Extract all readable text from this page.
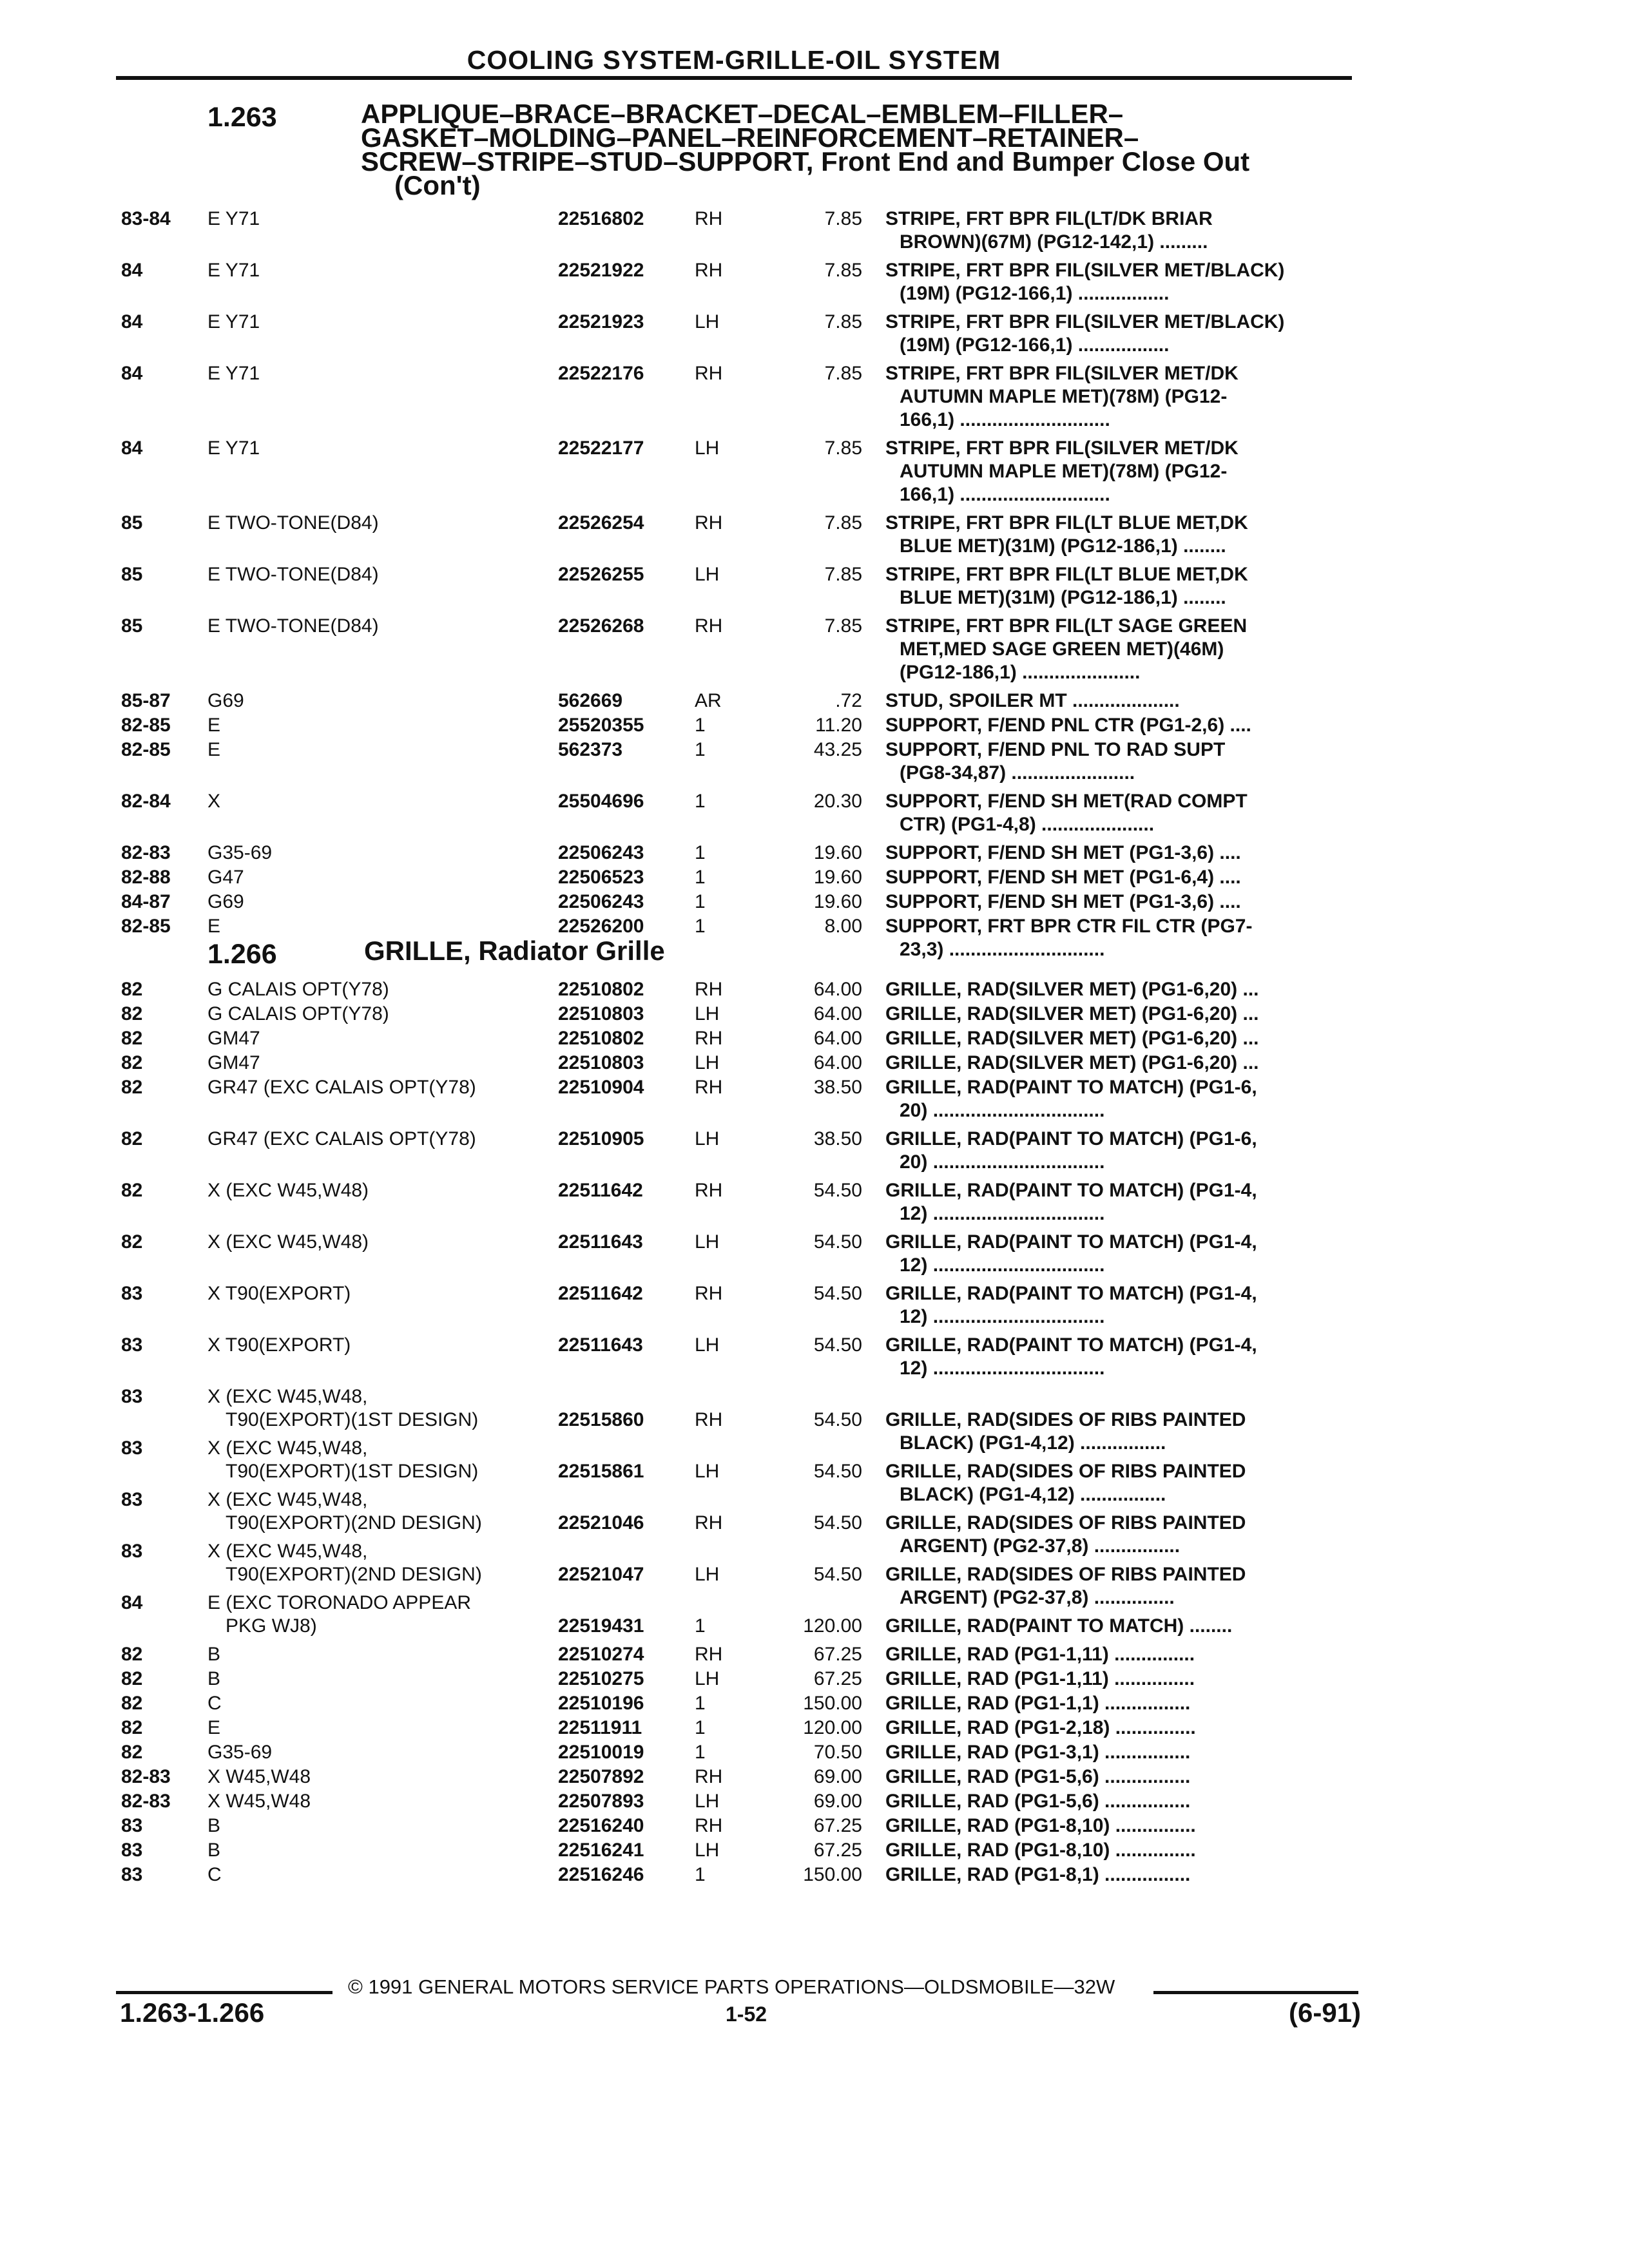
COOLING SYSTEM-GRILLE-OIL SYSTEM
1.263	APPLIQUE–BRACE–BRACKET–DECAL–EMBLEM–FILLER–
GASKET–MOLDING–PANEL–REINFORCEMENT–RETAINER–
SCREW–STRIPE–STUD–SUPPORT, Front End and Bumper Close Out
(Con't)
83-84	E Y71	22516802	RH	7.85 STRIPE, FRT BPR FIL(LT/DK BRIAR
BROWN)(67M) (PG12-142,1) .........
84	E Y71	22521922	RH	7.85 STRIPE, FRT BPR FIL(SILVER MET/BLACK)
(19M) (PG12-166,1) .................
84	E Y71	22521923	LH	7.85 STRIPE, FRT BPR FIL(SILVER MET/BLACK)
(19M) (PG12-166,1) .................
84	E Y71	22522176	RH	7.85 STRIPE, FRT BPR FIL(SILVER MET/DK
AUTUMN MAPLE MET)(78M) (PG12-
166,1) ............................
84	E Y71	22522177	LH	7.85 STRIPE, FRT BPR FIL(SILVER MET/DK
AUTUMN MAPLE MET)(78M) (PG12-
166,1) ............................
85	E TWO-TONE(D84)	22526254	RH	7.85 STRIPE, FRT BPR FIL(LT BLUE MET,DK
BLUE MET)(31M) (PG12-186,1) ........
85	E TWO-TONE(D84)	22526255	LH	7.85 STRIPE, FRT BPR FIL(LT BLUE MET,DK
BLUE MET)(31M) (PG12-186,1) ........
85	E TWO-TONE(D84)	22526268	RH	7.85 STRIPE, FRT BPR FIL(LT SAGE GREEN
MET,MED SAGE GREEN MET)(46M)
(PG12-186,1) ......................
85-87	G69	562669	AR	.72 STUD, SPOILER MT ....................
82-85	E	25520355	1	11.20 SUPPORT, F/END PNL CTR (PG1-2,6) ....
82-85	E	562373	1	43.25 SUPPORT, F/END PNL TO RAD SUPT
(PG8-34,87) .......................
82-84	X	25504696	1	20.30 SUPPORT, F/END SH MET(RAD COMPT
CTR) (PG1-4,8) .....................
82-83	G35-69	22506243	1	19.60 SUPPORT, F/END SH MET (PG1-3,6) ....
82-88	G47	22506523	1	19.60 SUPPORT, F/END SH MET (PG1-6,4) ....
84-87	G69	22506243	1	19.60 SUPPORT, F/END SH MET (PG1-3,6) ....
82-85	E	22526200	1	8.00 SUPPORT, FRT BPR CTR FIL CTR (PG7-
23,3) .............................
1.266	GRILLE, Radiator Grille
82	G CALAIS OPT(Y78)	22510802	RH	64.00 GRILLE, RAD(SILVER MET) (PG1-6,20) ...
82	G CALAIS OPT(Y78)	22510803	LH	64.00 GRILLE, RAD(SILVER MET) (PG1-6,20) ...
82	GM47	22510802	RH	64.00 GRILLE, RAD(SILVER MET) (PG1-6,20) ...
82	GM47	22510803	LH	64.00 GRILLE, RAD(SILVER MET) (PG1-6,20) ...
82	GR47 (EXC CALAIS OPT(Y78)	22510904	RH	38.50 GRILLE, RAD(PAINT TO MATCH) (PG1-6,
20) ................................
82	GR47 (EXC CALAIS OPT(Y78)	22510905	LH	38.50 GRILLE, RAD(PAINT TO MATCH) (PG1-6,
20) ................................
82	X (EXC W45,W48)	22511642	RH	54.50 GRILLE, RAD(PAINT TO MATCH) (PG1-4,
12) ................................
82	X (EXC W45,W48)	22511643	LH	54.50 GRILLE, RAD(PAINT TO MATCH) (PG1-4,
12) ................................
83	X T90(EXPORT)	22511642	RH	54.50 GRILLE, RAD(PAINT TO MATCH) (PG1-4,
12) ................................
83	X T90(EXPORT)	22511643	LH	54.50 GRILLE, RAD(PAINT TO MATCH) (PG1-4,
12) ................................
83	X (EXC W45,W48,
T90(EXPORT)(1ST DESIGN)	22515860	RH	54.50 GRILLE, RAD(SIDES OF RIBS PAINTED
BLACK) (PG1-4,12) ................
83	X (EXC W45,W48,
T90(EXPORT)(1ST DESIGN)	22515861	LH	54.50 GRILLE, RAD(SIDES OF RIBS PAINTED
BLACK) (PG1-4,12) ................
83	X (EXC W45,W48,
T90(EXPORT)(2ND DESIGN)	22521046	RH	54.50 GRILLE, RAD(SIDES OF RIBS PAINTED
ARGENT) (PG2-37,8) ................
83	X (EXC W45,W48,
T90(EXPORT)(2ND DESIGN)	22521047	LH	54.50 GRILLE, RAD(SIDES OF RIBS PAINTED
ARGENT) (PG2-37,8) ...............
84	E (EXC TORONADO APPEAR
PKG WJ8)	22519431	1	120.00 GRILLE, RAD(PAINT TO MATCH) ........
82	B	22510274	RH	67.25 GRILLE, RAD (PG1-1,11) ...............
82	B	22510275	LH	67.25 GRILLE, RAD (PG1-1,11) ...............
82	C	22510196	1	150.00 GRILLE, RAD (PG1-1,1) ................
82	E	22511911	1	120.00 GRILLE, RAD (PG1-2,18) ...............
82	G35-69	22510019	1	70.50 GRILLE, RAD (PG1-3,1) ................
82-83	X W45,W48	22507892	RH	69.00 GRILLE, RAD (PG1-5,6) ................
82-83	X W45,W48	22507893	LH	69.00 GRILLE, RAD (PG1-5,6) ................
83	B	22516240	RH	67.25 GRILLE, RAD (PG1-8,10) ...............
83	B	22516241	LH	67.25 GRILLE, RAD (PG1-8,10) ...............
83	C	22516246	1	150.00 GRILLE, RAD (PG1-8,1) ................
© 1991 GENERAL MOTORS SERVICE PARTS OPERATIONS—OLDSMOBILE—32W
1.263-1.266	1-52	(6-91)
